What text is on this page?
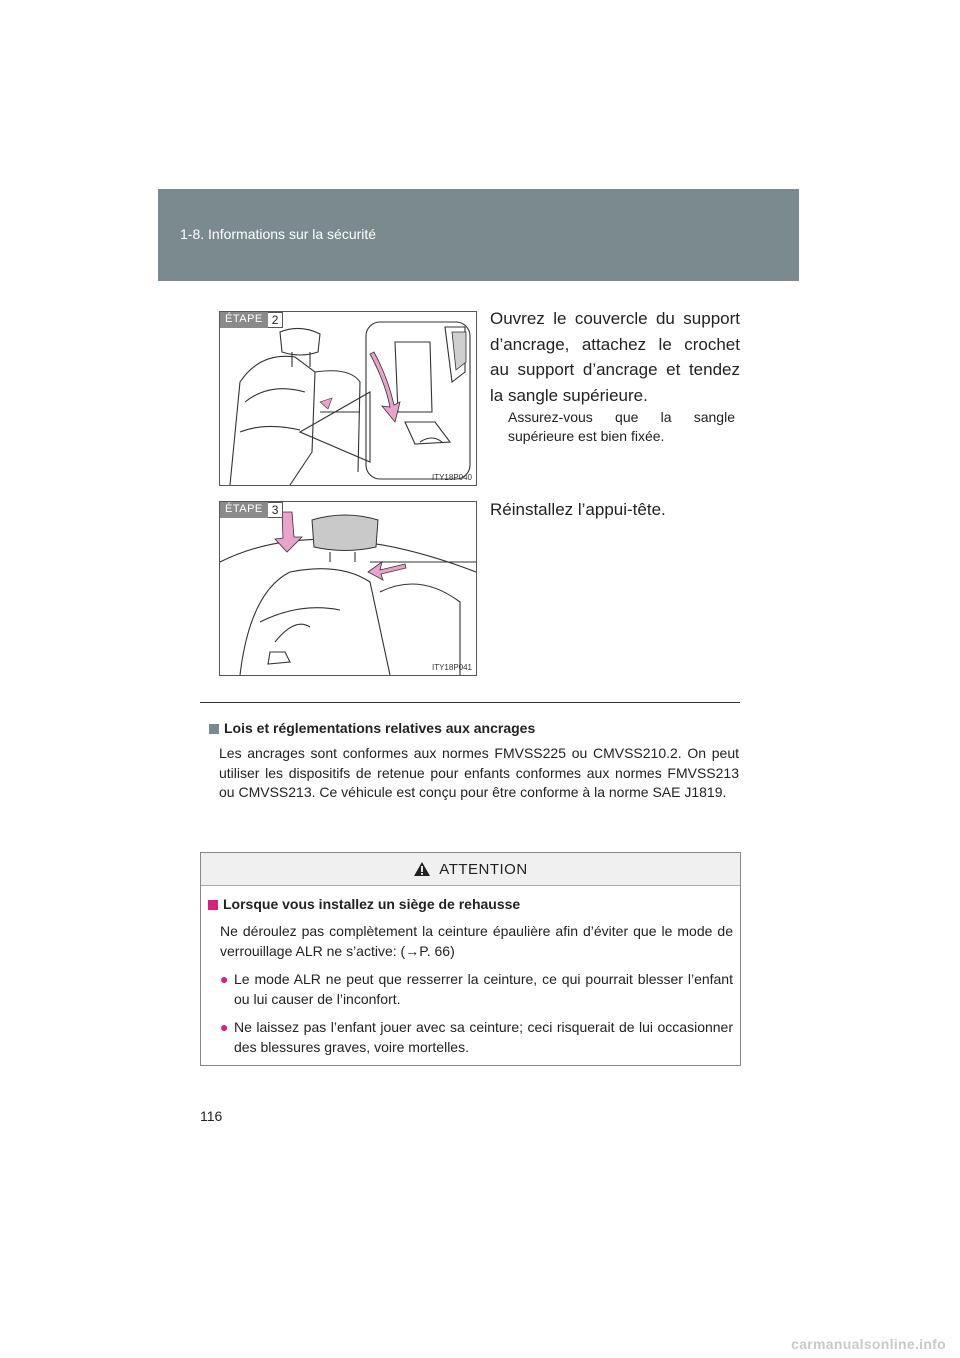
1-8. Informations sur la sécurité
ÉTAPE 2
ITY18P040
Ouvrez le couvercle du support d’ancrage, attachez le crochet au support d’ancrage et tendez la sangle supérieure.
Assurez-vous que la sangle supérieure est bien fixée.
ÉTAPE 3
ITY18P041
Réinstallez l’appui-tête.
Lois et réglementations relatives aux ancrages
Les ancrages sont conformes aux normes FMVSS225 ou CMVSS210.2. On peut utiliser les dispositifs de retenue pour enfants conformes aux normes FMVSS213 ou CMVSS213. Ce véhicule est conçu pour être conforme à la norme SAE J1819.
ATTENTION
Lorsque vous installez un siège de rehausse
Ne déroulez pas complètement la ceinture épaulière afin d’éviter que le mode de verrouillage ALR ne s’active: (→P. 66)
● Le mode ALR ne peut que resserrer la ceinture, ce qui pourrait blesser l’enfant ou lui causer de l’inconfort.
● Ne laissez pas l’enfant jouer avec sa ceinture; ceci risquerait de lui occasionner des blessures graves, voire mortelles.
116
carmanualsonline.info
